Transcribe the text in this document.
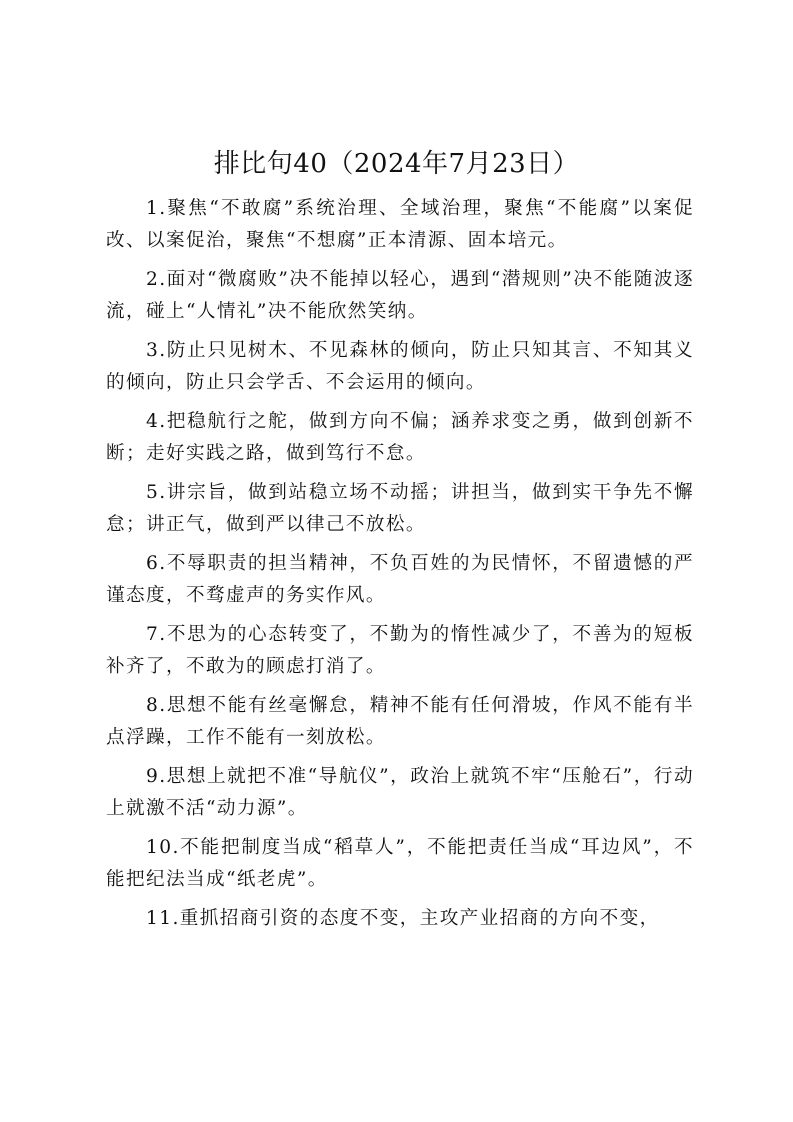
排比句40（2024年7月23日）

1.聚焦“不敢腐”系统治理、全域治理，聚焦“不能腐”以案促改、以案促治，聚焦“不想腐”正本清源、固本培元。

2.面对“微腐败”决不能掉以轻心，遇到“潜规则”决不能随波逐流，碰上“人情礼”决不能欣然笑纳。

3.防止只见树木、不见森林的倾向，防止只知其言、不知其义的倾向，防止只会学舌、不会运用的倾向。

4.把稳航行之舵，做到方向不偏；涵养求变之勇，做到创新不断；走好实践之路，做到笃行不怠。

5.讲宗旨，做到站稳立场不动摇；讲担当，做到实干争先不懈怠；讲正气，做到严以律己不放松。

6.不辱职责的担当精神，不负百姓的为民情怀，不留遗憾的严谨态度，不骛虚声的务实作风。

7.不思为的心态转变了，不勤为的惰性减少了，不善为的短板补齐了，不敢为的顾虑打消了。

8.思想不能有丝毫懈怠，精神不能有任何滑坡，作风不能有半点浮躁，工作不能有一刻放松。

9.思想上就把不准“导航仪”，政治上就筑不牢“压舱石”，行动上就激不活“动力源”。

10.不能把制度当成“稻草人”，不能把责任当成“耳边风”，不能把纪法当成“纸老虎”。

11.重抓招商引资的态度不变，主攻产业招商的方向不变，
